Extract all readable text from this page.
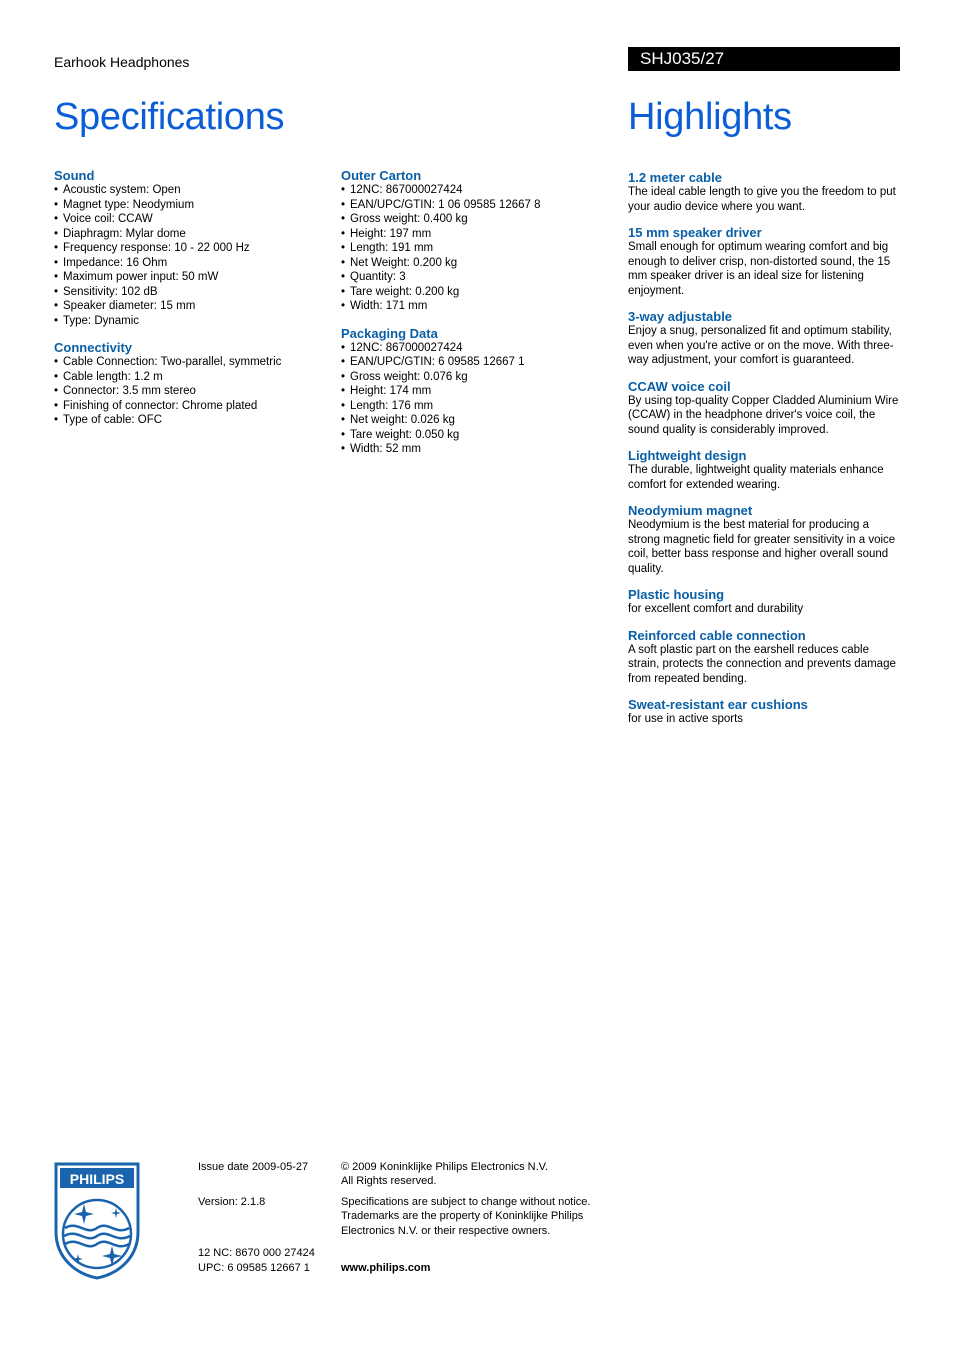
Earhook Headphones	SHJ035/27
Specifications	Highlights
Sound
• Acoustic system: Open
• Magnet type: Neodymium
• Voice coil: CCAW
• Diaphragm: Mylar dome
• Frequency response: 10 - 22 000 Hz
• Impedance: 16 Ohm
• Maximum power input: 50 mW
• Sensitivity: 102 dB
• Speaker diameter: 15 mm
• Type: Dynamic
Connectivity
• Cable Connection: Two-parallel, symmetric
• Cable length: 1.2 m
• Connector: 3.5 mm stereo
• Finishing of connector: Chrome plated
• Type of cable: OFC
Outer Carton
• 12NC: 867000027424
• EAN/UPC/GTIN: 1 06 09585 12667 8
• Gross weight: 0.400 kg
• Height: 197 mm
• Length: 191 mm
• Net Weight: 0.200 kg
• Quantity: 3
• Tare weight: 0.200 kg
• Width: 171 mm
Packaging Data
• 12NC: 867000027424
• EAN/UPC/GTIN: 6 09585 12667 1
• Gross weight: 0.076 kg
• Height: 174 mm
• Length: 176 mm
• Net weight: 0.026 kg
• Tare weight: 0.050 kg
• Width: 52 mm
1.2 meter cable
The ideal cable length to give you the freedom to put your audio device where you want.
15 mm speaker driver
Small enough for optimum wearing comfort and big enough to deliver crisp, non-distorted sound, the 15 mm speaker driver is an ideal size for listening enjoyment.
3-way adjustable
Enjoy a snug, personalized fit and optimum stability, even when you're active or on the move. With three-way adjustment, your comfort is guaranteed.
CCAW voice coil
By using top-quality Copper Cladded Aluminium Wire (CCAW) in the headphone driver's voice coil, the sound quality is considerably improved.
Lightweight design
The durable, lightweight quality materials enhance comfort for extended wearing.
Neodymium magnet
Neodymium is the best material for producing a strong magnetic field for greater sensitivity in a voice coil, better bass response and higher overall sound quality.
Plastic housing
for excellent comfort and durability
Reinforced cable connection
A soft plastic part on the earshell reduces cable strain, protects the connection and prevents damage from repeated bending.
Sweat-resistant ear cushions
for use in active sports
PHILIPS
Issue date 2009-05-27
Version: 2.1.8
12 NC: 8670 000 27424
UPC: 6 09585 12667 1
© 2009 Koninklijke Philips Electronics N.V.
All Rights reserved.
Specifications are subject to change without notice.
Trademarks are the property of Koninklijke Philips
Electronics N.V. or their respective owners.
www.philips.com
